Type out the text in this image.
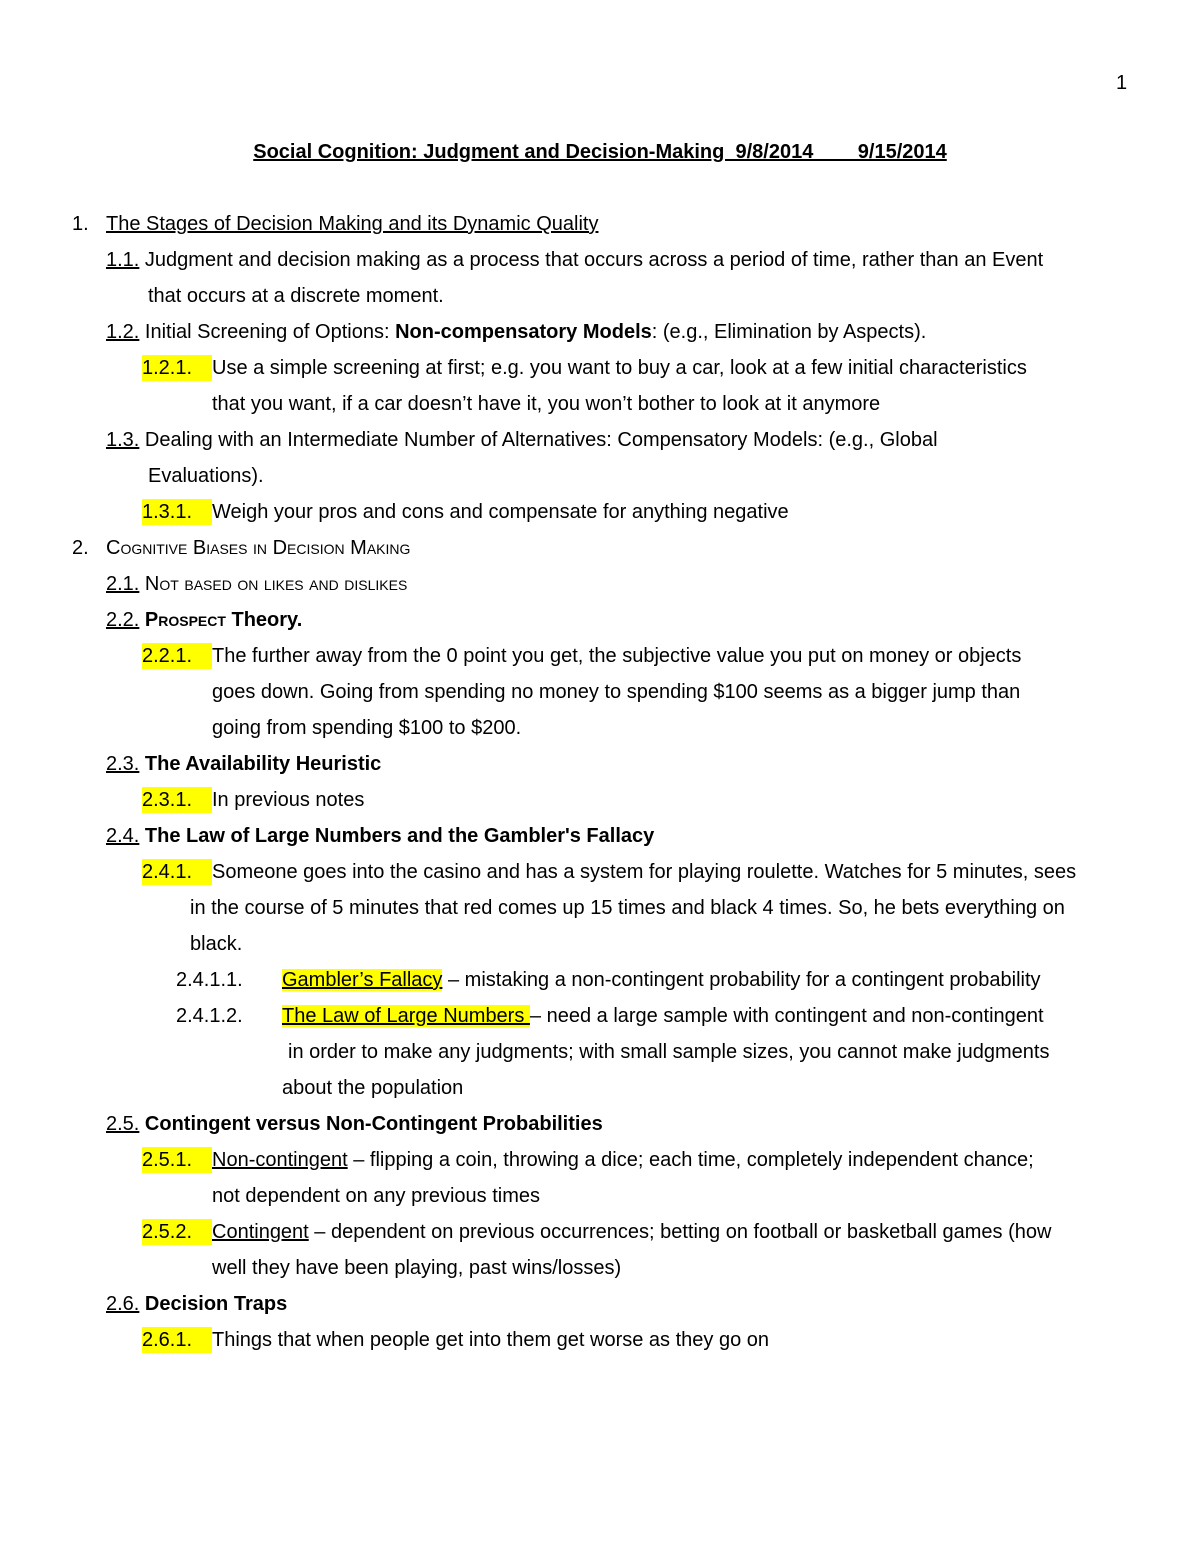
1
Social Cognition: Judgment and Decision-Making  9/8/2014        9/15/2014
1. The Stages of Decision Making and its Dynamic Quality
1.1. Judgment and decision making as a process that occurs across a period of time, rather than an Event
that occurs at a discrete moment.
1.2. Initial Screening of Options: Non-compensatory Models: (e.g., Elimination by Aspects).
1.2.1. Use a simple screening at first; e.g. you want to buy a car, look at a few initial characteristics
that you want, if a car doesn’t have it, you won’t bother to look at it anymore
1.3. Dealing with an Intermediate Number of Alternatives: Compensatory Models: (e.g., Global
Evaluations).
1.3.1. Weigh your pros and cons and compensate for anything negative
2. Cognitive Biases in Decision Making
2.1. Not based on likes and dislikes
2.2. Prospect Theory.
2.2.1. The further away from the 0 point you get, the subjective value you put on money or objects
goes down. Going from spending no money to spending $100 seems as a bigger jump than
going from spending $100 to $200.
2.3. The Availability Heuristic
2.3.1. In previous notes
2.4. The Law of Large Numbers and the Gambler's Fallacy
2.4.1. Someone goes into the casino and has a system for playing roulette. Watches for 5 minutes, sees
in the course of 5 minutes that red comes up 15 times and black 4 times. So, he bets everything on
black.
2.4.1.1. Gambler’s Fallacy – mistaking a non-contingent probability for a contingent probability
2.4.1.2. The Law of Large Numbers – need a large sample with contingent and non-contingent
in order to make any judgments; with small sample sizes, you cannot make judgments
about the population
2.5. Contingent versus Non-Contingent Probabilities
2.5.1. Non-contingent – flipping a coin, throwing a dice; each time, completely independent chance;
not dependent on any previous times
2.5.2. Contingent – dependent on previous occurrences; betting on football or basketball games (how
well they have been playing, past wins/losses)
2.6. Decision Traps
2.6.1. Things that when people get into them get worse as they go on
